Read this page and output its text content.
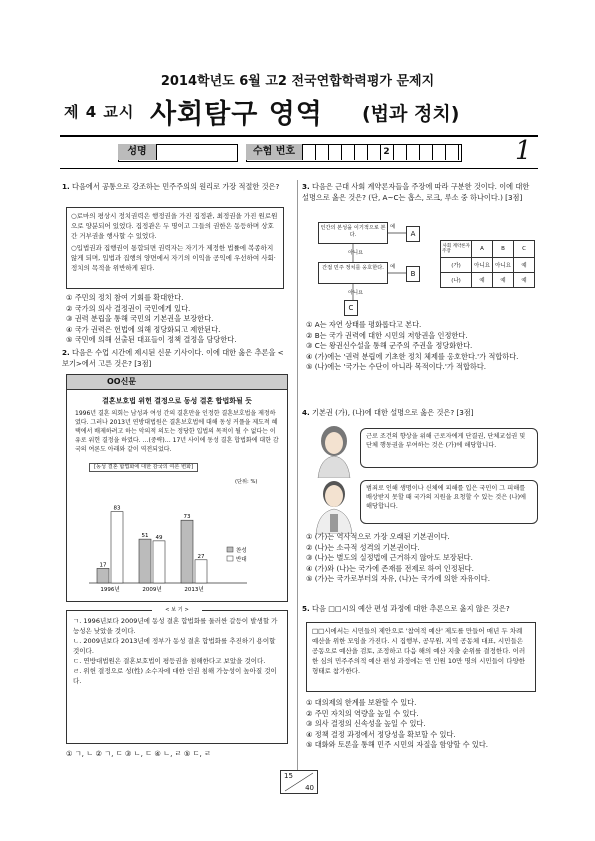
2014학년도 6월 고2 전국연합학력평가 문제지
제 4 교시 사회탐구 영역 (법과 정치)
성명	수험 번호	2	1
1. 다음에서 공통으로 강조하는 민주주의의 원리로 가장 적절한 것은?
○로마의 평상시 정치권력은 행정권을 가진 집정관, 최정권을 가진 원로원으로 양분되어 있었다. 집정관은 두 명이고 그들의 권한은 동등하며 상호간 거부권을 행사할 수 있었다.
○입법권과 집행권이 통합되면 권력자는 자기가 제정한 법률에 복종하지 않게 되며, 입법과 집행의 양면에서 자기의 이익을 공익에 우선하여 사회·정치의 목적을 위반하게 된다.
① 주민의 정치 참여 기회를 확대한다.
② 국가의 의사 결정권이 국민에게 있다.
③ 권력 분립을 통해 국민의 기본권을 보장한다.
④ 국가 권력은 헌법에 의해 정당화되고 제한된다.
⑤ 국민에 의해 선출된 대표들이 정책 결정을 담당한다.
2. 다음은 수업 시간에 제시된 신문 기사이다. 이에 대한 옳은 추론을 <보기>에서 고른 것은? [3점]
OO신문
결혼보호법 위헌 결정으로 동성 결혼 합법화될 듯
1996년 결혼 의회는 남성과 여성 간의 결혼만을 인정한 결혼보호법을 제정하였다. 그러나 2013년 연방대법원은 결혼보호법에 대해 동성 커플을 제도적 혜택에서 배제하려고 하는 악의적 의도는 정당한 입법의 목적이 될 수 없다는 이유로 위헌 결정을 하였다. …(중략)… 17년 사이에 동성 결혼 합법화에 대한 감국의 여론도 아래와 같이 역전되었다.
[동성 결혼 합법화에 대한 감국의 여론 변화]
(단위: %)
17
83
1996년
51 49
2009년
73
27
2013년
찬성
반대
< 보 기 >
ㄱ. 1996년보다 2009년에 동성 결혼 합법화를 둘러싼 갈등이 발생할 가능성은 낮았을 것이다.
ㄴ. 2009년보다 2013년에 정부가 동성 결혼 합법화를 추진하기 용이할 것이다.
ㄷ. 연방대법원은 결혼보호법이 평등권을 침해한다고 보았을 것이다.
ㄹ. 위헌 결정으로 성(性) 소수자에 대한 인권 침해 가능성이 높아질 것이다.
① ㄱ, ㄴ ② ㄱ, ㄷ ③ ㄴ, ㄷ ④ ㄴ, ㄹ ⑤ ㄷ, ㄹ
3. 다음은 근대 사회 계약론자들을 주장에 따라 구분한 것이다. 이에 대한 설명으로 옳은 것은? (단, A~C는 홉스, 로크, 루소 중 하나이다.) [3점]
인간의 본성을 이기적으로 본다.
아니요
간접 민주 정치를 옹호한다.
아니요
예
예
A
B
C
사회 계약론자
주장	A	B	C
(가)	아니요	아니요	예
(나)	예	예	예
① A는 자연 상태를 평화롭다고 본다.
② B는 국가 권력에 대한 시민의 저항권을 인정한다.
③ C는 왕권신수설을 통해 군주의 주권을 정당화한다.
④ (가)에는 '권력 분립에 기초한 정치 체제를 옹호한다.'가 적합하다.
⑤ (나)에는 '국가는 수단이 아니라 목적이다.'가 적합하다.
4. 기본권 (가), (나)에 대한 설명으로 옳은 것은? [3점]
근로 조건의 향상을 위해 근로자에게 단결권, 단체교섭권 및 단체 행동권을 부여하는 것은 (가)에 해당합니다.
범죄로 인해 생명이나 신체에 피해를 입은 국민이 그 피해를 배상받지 못할 때 국가의 지원을 요청할 수 있는 것은 (나)에 해당합니다.
① (가)는 역사적으로 가장 오래된 기본권이다.
② (나)는 소극적 성격의 기본권이다.
③ (나)는 별도의 실정법에 근거하지 않아도 보장된다.
④ (가)와 (나)는 국가에 존재를 전제로 하여 인정된다.
⑤ (가)는 국가로부터의 자유, (나)는 국가에 의한 자유이다.
5. 다음 □□시의 예산 편성 과정에 대한 추론으로 옳지 않은 것은?
□□시에서는 시민들의 제안으로 '참여적 예산' 제도를 만들어 매년 두 차례 예산을 위한 모임을 가진다. 시 집행부, 공무원, 지역 공동체 대표, 시민들은 공동으로 예산을 검토, 조정하고 다음 해의 예산 지출 순위를 결정한다. 이러한 심의 민주주의적 예산 편성 과정에는 연 인원 10만 명의 시민들이 다양한 형태로 참가한다.
① 대의제의 한계를 보완할 수 있다.
② 주민 자치의 역량을 높일 수 있다.
③ 의사 결정의 신속성을 높일 수 있다.
④ 정책 결정 과정에서 정당성을 확보할 수 있다.
⑤ 대화와 토론을 통해 민주 시민의 자질을 함양할 수 있다.
15
40
